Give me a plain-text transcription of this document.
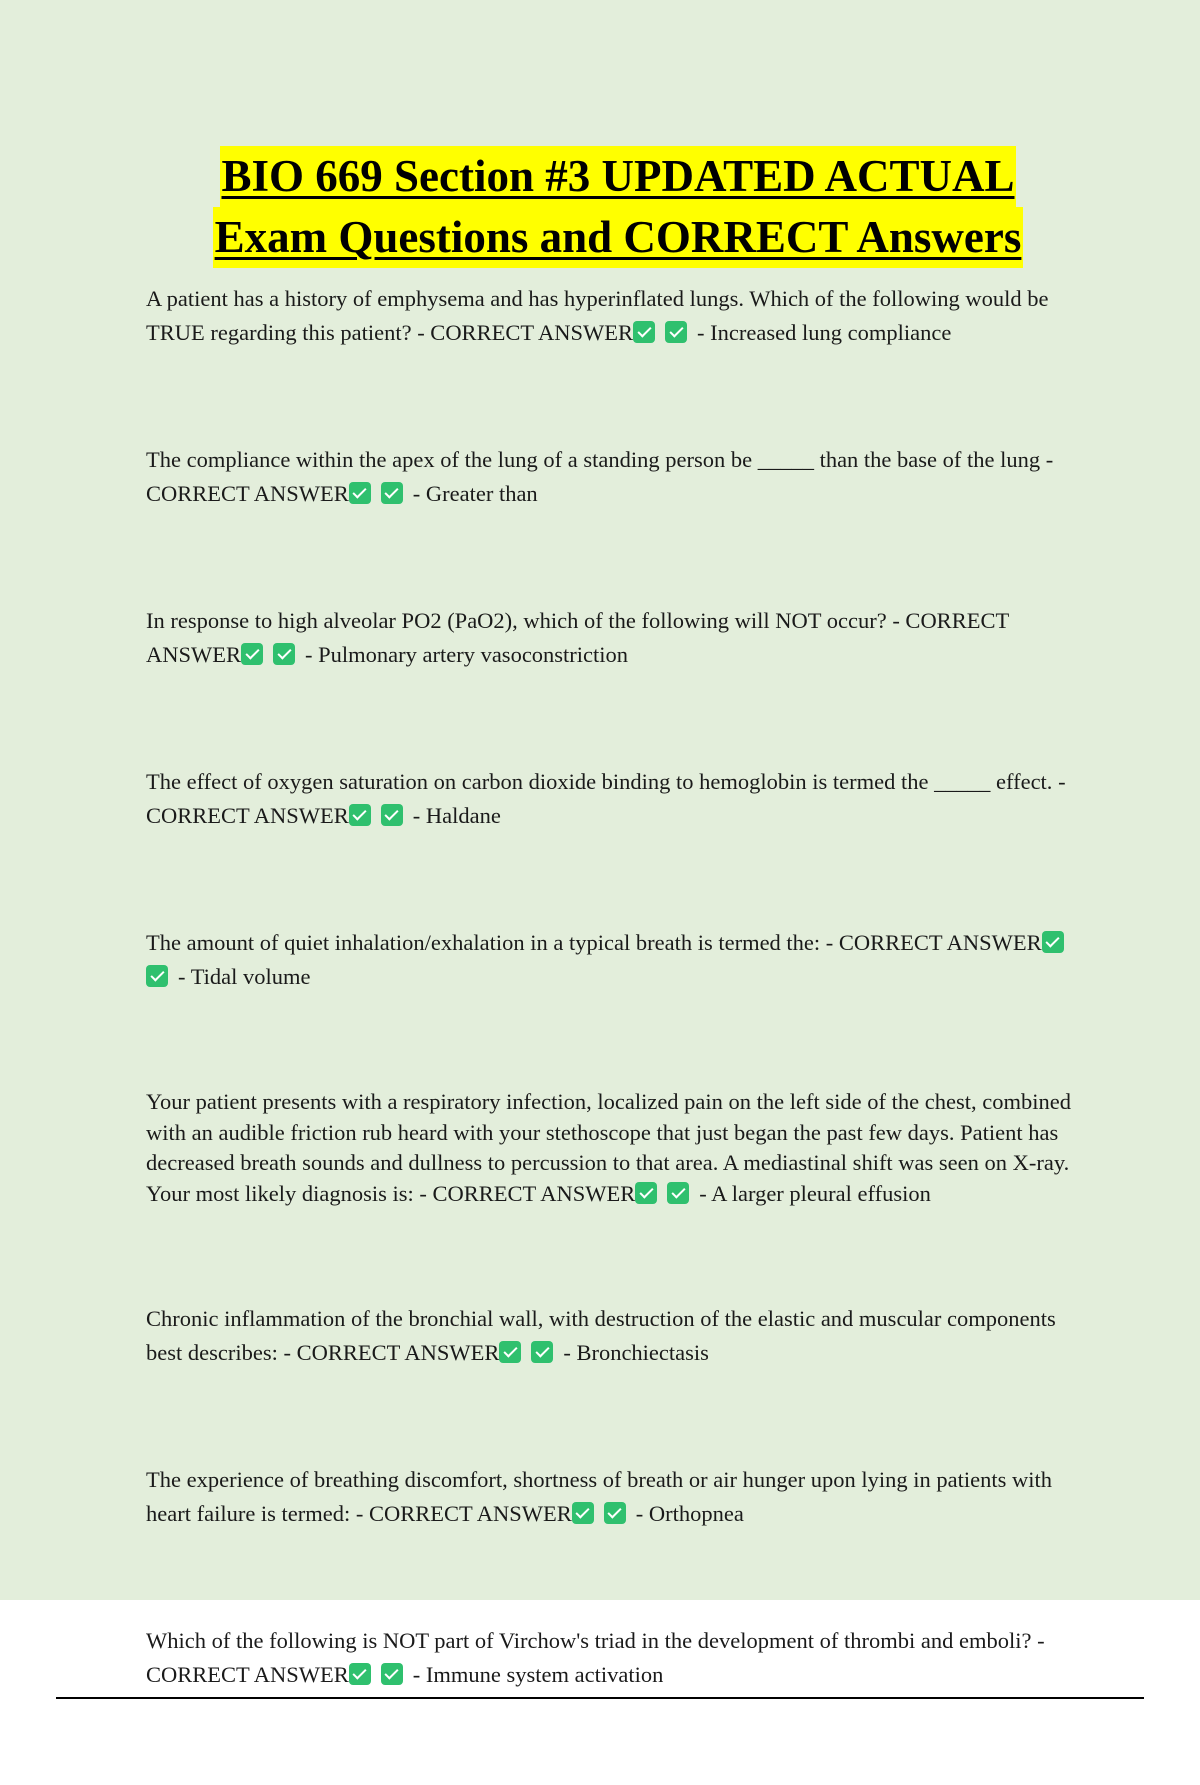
BIO 669 Section #3 UPDATED ACTUAL
Exam Questions and CORRECT Answers

A patient has a history of emphysema and has hyperinflated lungs. Which of the following would be TRUE regarding this patient? - CORRECT ANSWER	- Increased lung compliance

The compliance within the apex of the lung of a standing person be _____ than the base of the lung - CORRECT ANSWER	- Greater than

In response to high alveolar PO2 (PaO2), which of the following will NOT occur? - CORRECT ANSWER	- Pulmonary artery vasoconstriction

The effect of oxygen saturation on carbon dioxide binding to hemoglobin is termed the _____ effect. - CORRECT ANSWER	- Haldane

The amount of quiet inhalation/exhalation in a typical breath is termed the: - CORRECT ANSWER- Tidal volume

Your patient presents with a respiratory infection, localized pain on the left side of the chest, combined with an audible friction rub heard with your stethoscope that just began the past few days. Patient has decreased breath sounds and dullness to percussion to that area. A mediastinal shift was seen on X-ray. Your most likely diagnosis is: - CORRECT ANSWER	- A larger pleural effusion

Chronic inflammation of the bronchial wall, with destruction of the elastic and muscular components best describes: - CORRECT ANSWER	- Bronchiectasis

The experience of breathing discomfort, shortness of breath or air hunger upon lying in patients with heart failure is termed: - CORRECT ANSWER	- Orthopnea

Which of the following is NOT part of Virchow's triad in the development of thrombi and emboli? - CORRECT ANSWER	- Immune system activation
